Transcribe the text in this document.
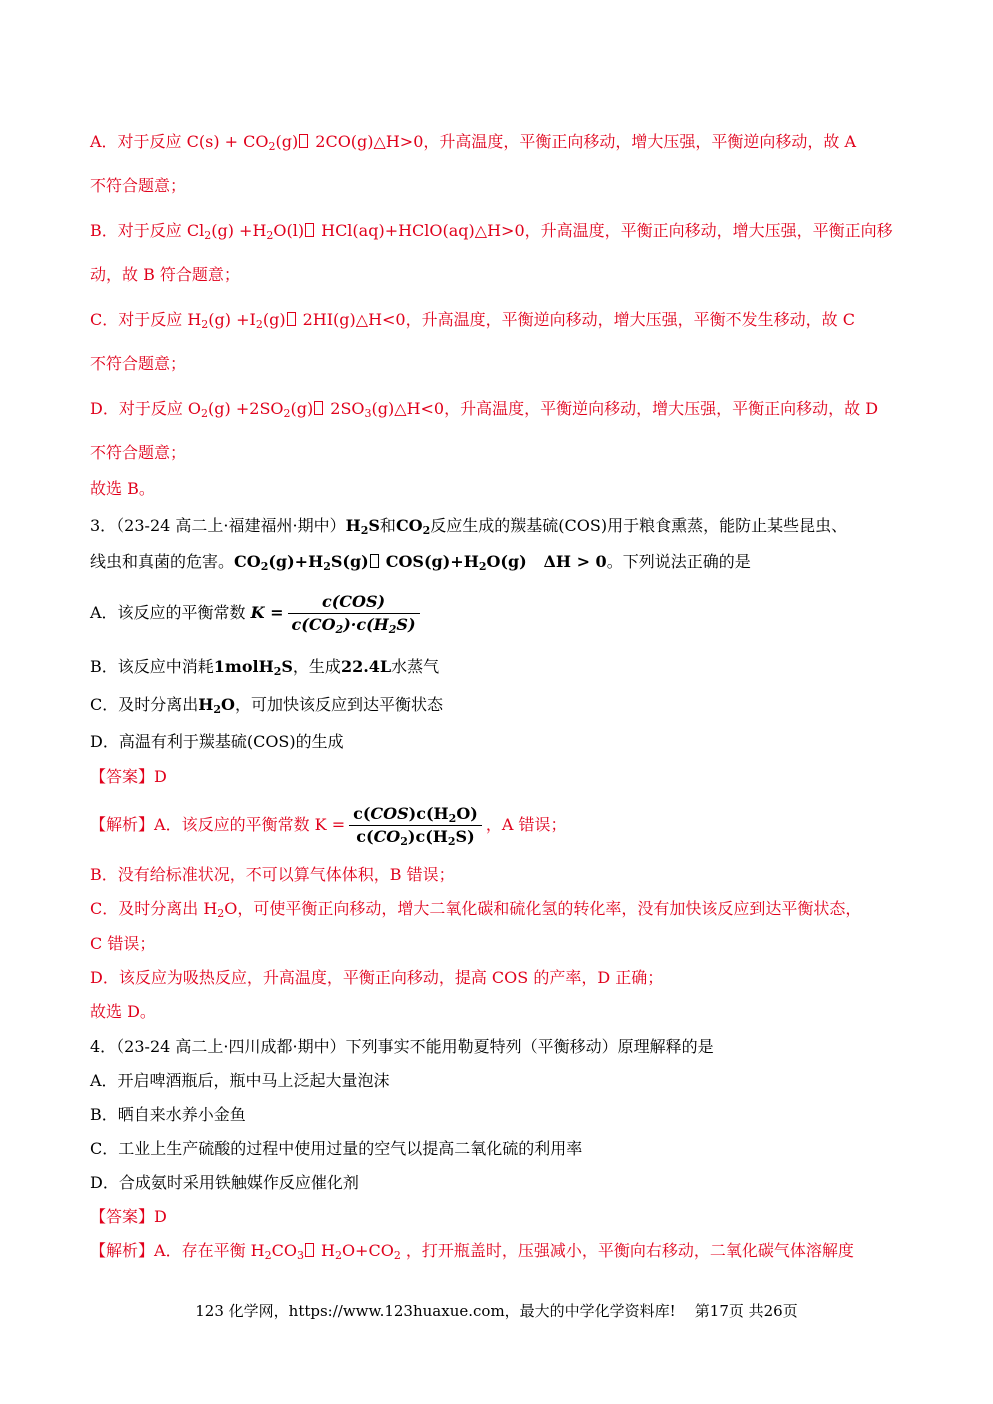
A．对于反应 $C(s) + CO_2(g)$ 2CO(g)△H>0，升高温度，平衡正向移动，增大压强，平衡逆向移动，故 A
不符合题意；
B．对于反应 $Cl_2(g) +H_2O(l)$ HCl(aq)+HClO(aq)△H>0，升高温度，平衡正向移动，增大压强，平衡正向移
动，故 B 符合题意；
C．对于反应 $H_2(g) +I_2(g)$ 2HI(g)△H<0，升高温度，平衡逆向移动，增大压强，平衡不发生移动，故 C
不符合题意；
D．对于反应 $O_2(g) +2SO_2(g)$ $2SO_3(g)\triangle H<0$，升高温度，平衡逆向移动，增大压强，平衡正向移动，故 D
不符合题意；
故选 B。
3．（23-24 高二上·福建福州·期中）$H_2S$和$CO_2$反应生成的羰基硫(COS)用于粮食熏蒸，能防止某些昆虫、
线虫和真菌的危害。$CO_2(g)+H_2S(g)$ $COS(g)+H_2O(g) \Delta H > 0$。下列说法正确的是
A．该反应的平衡常数 $K = \frac{\text{c(COS)}}{c(CO_2)\cdot c(H_2S)}$
B．该反应中消耗1molH$_2$S，生成22.4L水蒸气
C．及时分离出$H_2O$，可加快该反应到达平衡状态
D．高温有利于羰基硫(COS)的生成
【答案】D
【解析】A．该反应的平衡常数 $K = \frac{c(COS)c(H_2O)}{c(CO_2)c(H_2S)}$ ，A 错误；
B．没有给标准状况，不可以算气体体积，B 错误；
C．及时分离出 $H_2O$，可使平衡正向移动，增大二氧化碳和硫化氢的转化率，没有加快该反应到达平衡状态，
C 错误；
D．该反应为吸热反应，升高温度，平衡正向移动，提高 COS 的产率，D 正确；
故选 D。
4．（23-24 高二上·四川成都·期中）下列事实不能用勒夏特列（平衡移动）原理解释的是
A．开启啤酒瓶后，瓶中马上泛起大量泡沫
B．晒自来水养小金鱼
C．工业上生产硫酸的过程中使用过量的空气以提高二氧化硫的利用率
D．合成氨时采用铁触媒作反应催化剂
【答案】D
【解析】A．存在平衡 $H_2CO_3$ $H_2O+CO_2$ ，打开瓶盖时，压强减小，平衡向右移动，二氧化碳气体溶解度
123 化学网，https://www.123huaxue.com，最大的中学化学资料库! 第17页 共26页
